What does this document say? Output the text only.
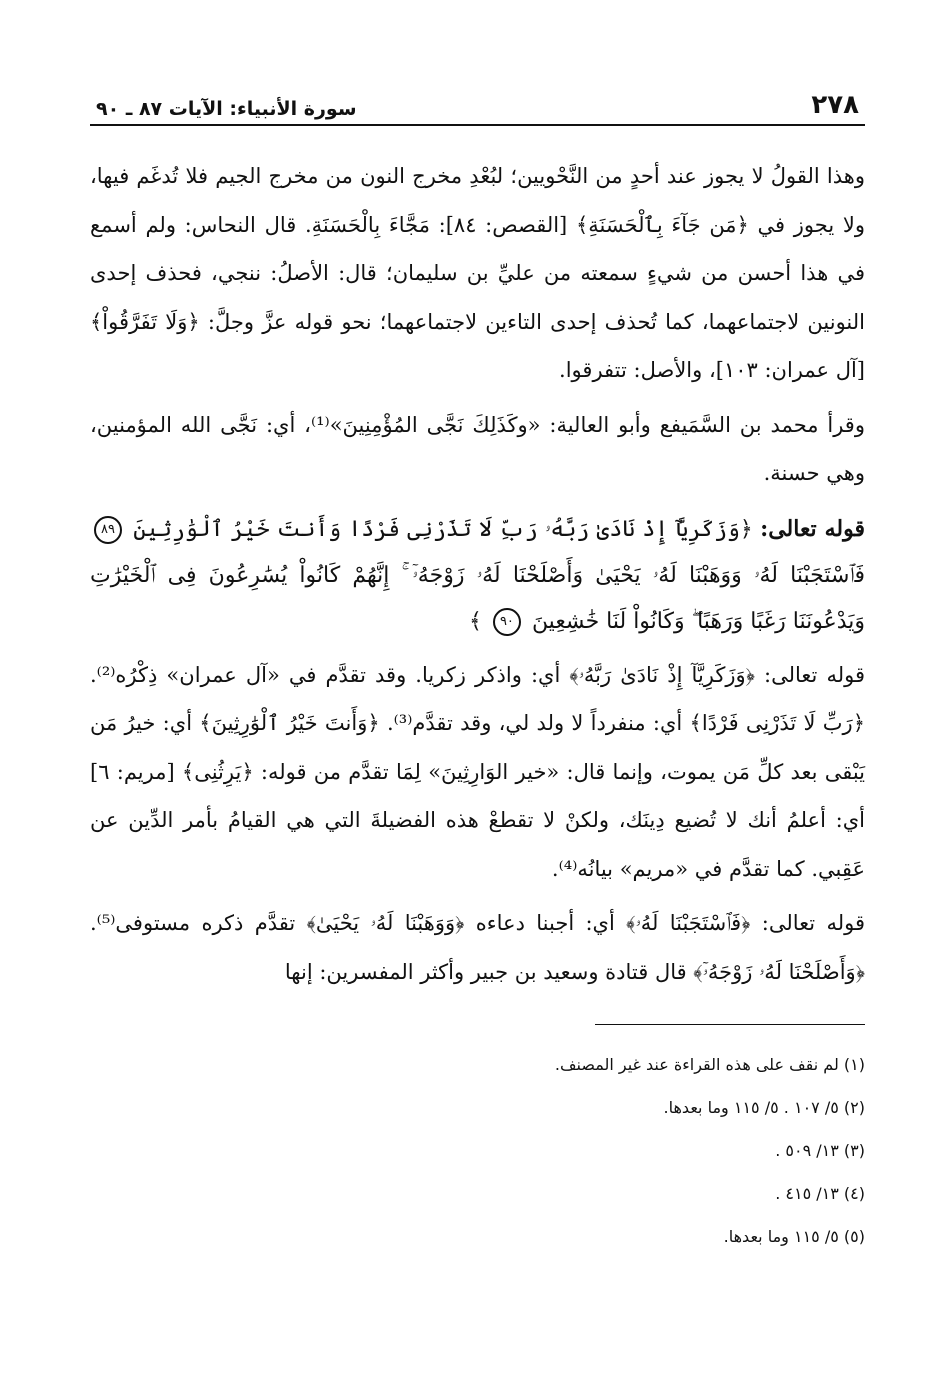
٢٧٨
سورة الأنبياء: الآيات ٨٧ ـ ٩٠

وهذا القولُ لا يجوز عند أحدٍ من النَّحْويين؛ لبُعْدِ مخرج النون من مخرج الجيم فلا تُدغَم فيها، ولا يجوز في ﴿مَن جَآءَ بِٱلْحَسَنَةِ﴾ [القصص: ٨٤]: مَجَّاءَ بِالْحَسَنَةِ. قال النحاس: ولم أسمع في هذا أحسن من شيءٍ سمعته من عليِّ بن سليمان؛ قال: الأصلُ: ننجي، فحذف إحدى النونين لاجتماعهما، كما تُحذف إحدى التاءين لاجتماعهما؛ نحو قوله عزَّ وجلَّ: ﴿وَلَا تَفَرَّقُواْ﴾ [آل عمران: ١٠٣]، والأصل: تتفرقوا.

وقرأ محمد بن السَّمَيفع وأبو العالية: «وكَذَلِكَ نَجَّى المُؤْمِنِينَ»⁽¹⁾، أي: نَجَّى الله المؤمنين، وهي حسنة.

قوله تعالى: ﴿وَزَكَرِيَّآ إِذْ نَادَىٰ رَبَّهُۥ رَبِّ لَا تَذَرْنِى فَرْدًا وَأَنتَ خَيْرُ ٱلْوَٰرِثِينَ ٨٩ فَٱسْتَجَبْنَا لَهُۥ وَوَهَبْنَا لَهُۥ يَحْيَىٰ وَأَصْلَحْنَا لَهُۥ زَوْجَهُۥٓ ۚ إِنَّهُمْ كَانُواْ يُسَٰرِعُونَ فِى ٱلْخَيْرَٰتِ وَيَدْعُونَنَا رَغَبًا وَرَهَبًا ۖ وَكَانُواْ لَنَا خَٰشِعِينَ ٩٠ ﴾

قوله تعالى: ﴿وَزَكَرِيَّآ إِذْ نَادَىٰ رَبَّهُۥ﴾ أي: واذكر زكريا. وقد تقدَّم في «آل عمران» ذِكْرُه⁽²⁾. ﴿رَبِّ لَا تَذَرْنِى فَرْدًا﴾ أي: منفرداً لا ولد لي، وقد تقدَّم⁽³⁾. ﴿وَأَنتَ خَيْرُ ٱلْوَٰرِثِينَ﴾ أي: خيرُ مَن يَبْقى بعد كلِّ مَن يموت، وإنما قال: «خير الوَارِثِينَ» لِمَا تقدَّم من قوله: ﴿يَرِثُنِى﴾ [مريم: ٦] أي: أعلمُ أنك لا تُضيع دِينَك، ولكنْ لا تقطعْ هذه الفضيلةَ التي هي القيامُ بأمر الدِّين عن عَقِبي. كما تقدَّم في «مريم» بيانُه⁽⁴⁾.

قوله تعالى: ﴿فَٱسْتَجَبْنَا لَهُۥ﴾ أي: أجبنا دعاءه ﴿وَوَهَبْنَا لَهُۥ يَحْيَىٰ﴾ تقدَّم ذكره مستوفى⁽⁵⁾. ﴿وَأَصْلَحْنَا لَهُۥ زَوْجَهُۥٓ﴾ قال قتادة وسعيد بن جبير وأكثر المفسرين: إنها

(١) لم نقف على هذه القراءة عند غير المصنف.
(٢) ٥/ ١٠٧ . ٥/ ١١٥ وما بعدها.
(٣) ١٣/ ٥٠٩ .
(٤) ١٣/ ٤١٥ .
(٥) ٥/ ١١٥ وما بعدها.
